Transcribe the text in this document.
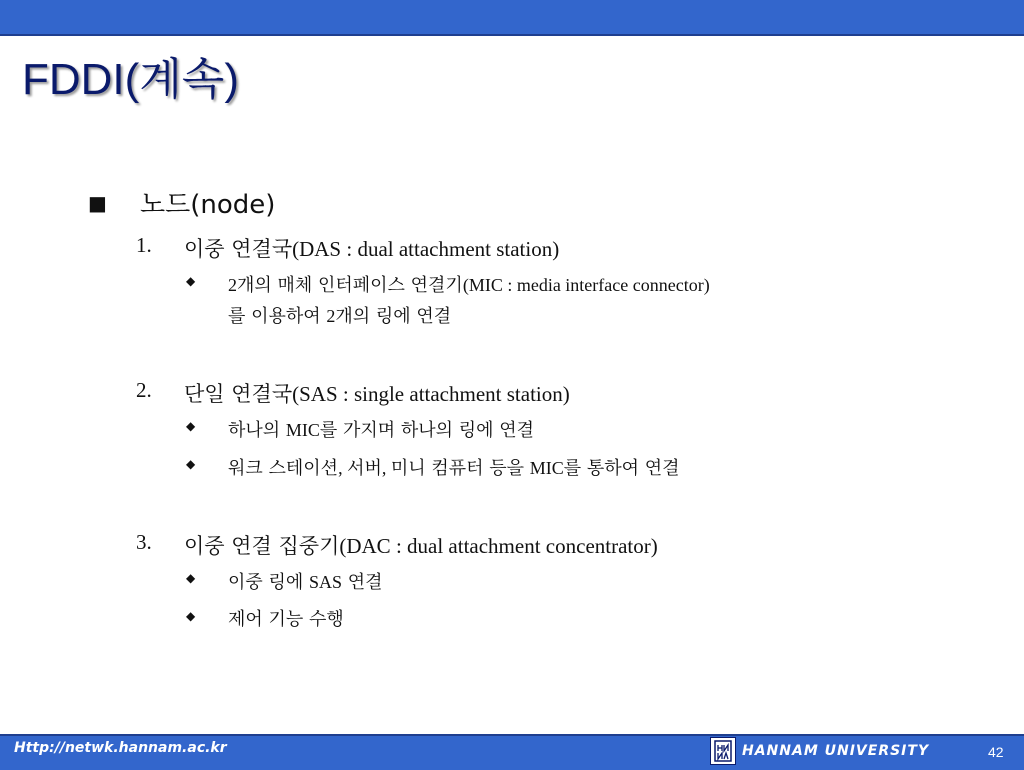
FDDI(계속)
■	노드(node)
1.	이중 연결국(DAS : dual attachment station)
◆	2개의 매체 인터페이스 연결기(MIC : media interface connector)
를 이용하여 2개의 링에 연결
2.	단일 연결국(SAS : single attachment station)
◆	하나의 MIC를 가지며 하나의 링에 연결
◆	워크 스테이션, 서버, 미니 컴퓨터 등을 MIC를 통하여 연결
3.	이중 연결 집중기(DAC : dual attachment concentrator)
◆	이중 링에 SAS 연결
◆	제어 기능 수행
Http://netwk.hannam.ac.kr	HANNAM UNIVERSITY	42
